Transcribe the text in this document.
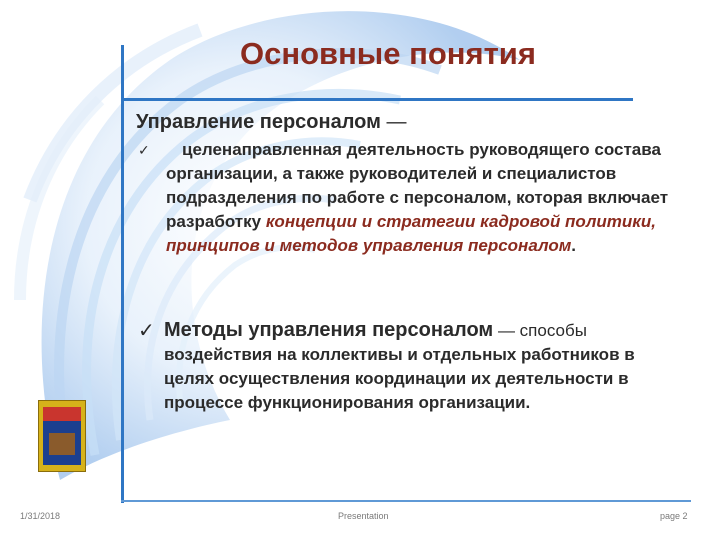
Основные понятия
Управление персоналом —
✓	целенаправленная деятельность руководящего состава организации, а также руководителей и специалистов подразделения по работе с персоналом, которая включает разработку концепции и стратегии кадровой политики, принципов и методов управления персоналом.
✓ Методы управления персоналом — способы
воздействия на коллективы и отдельных работников в целях осуществления координации их деятельности в процессе функционирования организации.
1/31/2018	Presentation	page 2
